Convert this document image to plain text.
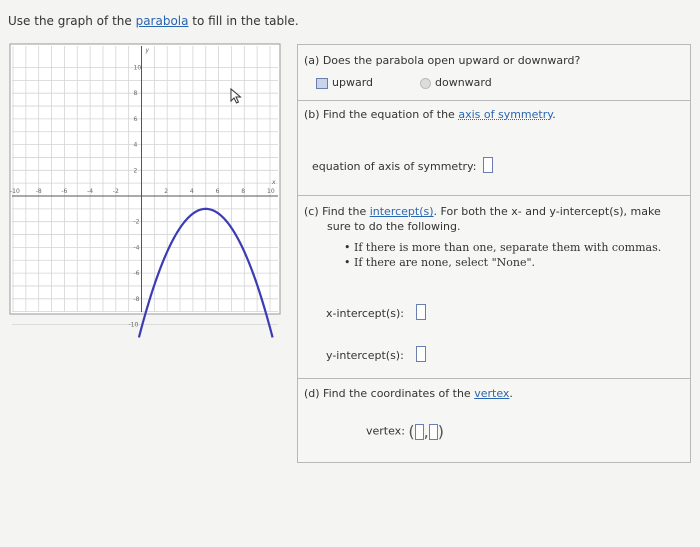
Use the graph of the parabola to fill in the table.
-10	-8	-6	-4	-2	2	4	6	8	10
10
8
6
4
2
-2
-4
-6
-8
-10
x
y
(a) Does the parabola open upward or downward?
upward	downward
(b) Find the equation of the axis of symmetry.
equation of axis of symmetry:
(c) Find the intercept(s). For both the x- and y-intercept(s), make
sure to do the following.
• If there is more than one, separate them with commas.
• If there are none, select "None".
x-intercept(s):
y-intercept(s):
(d) Find the coordinates of the vertex.
vertex: ( , )
